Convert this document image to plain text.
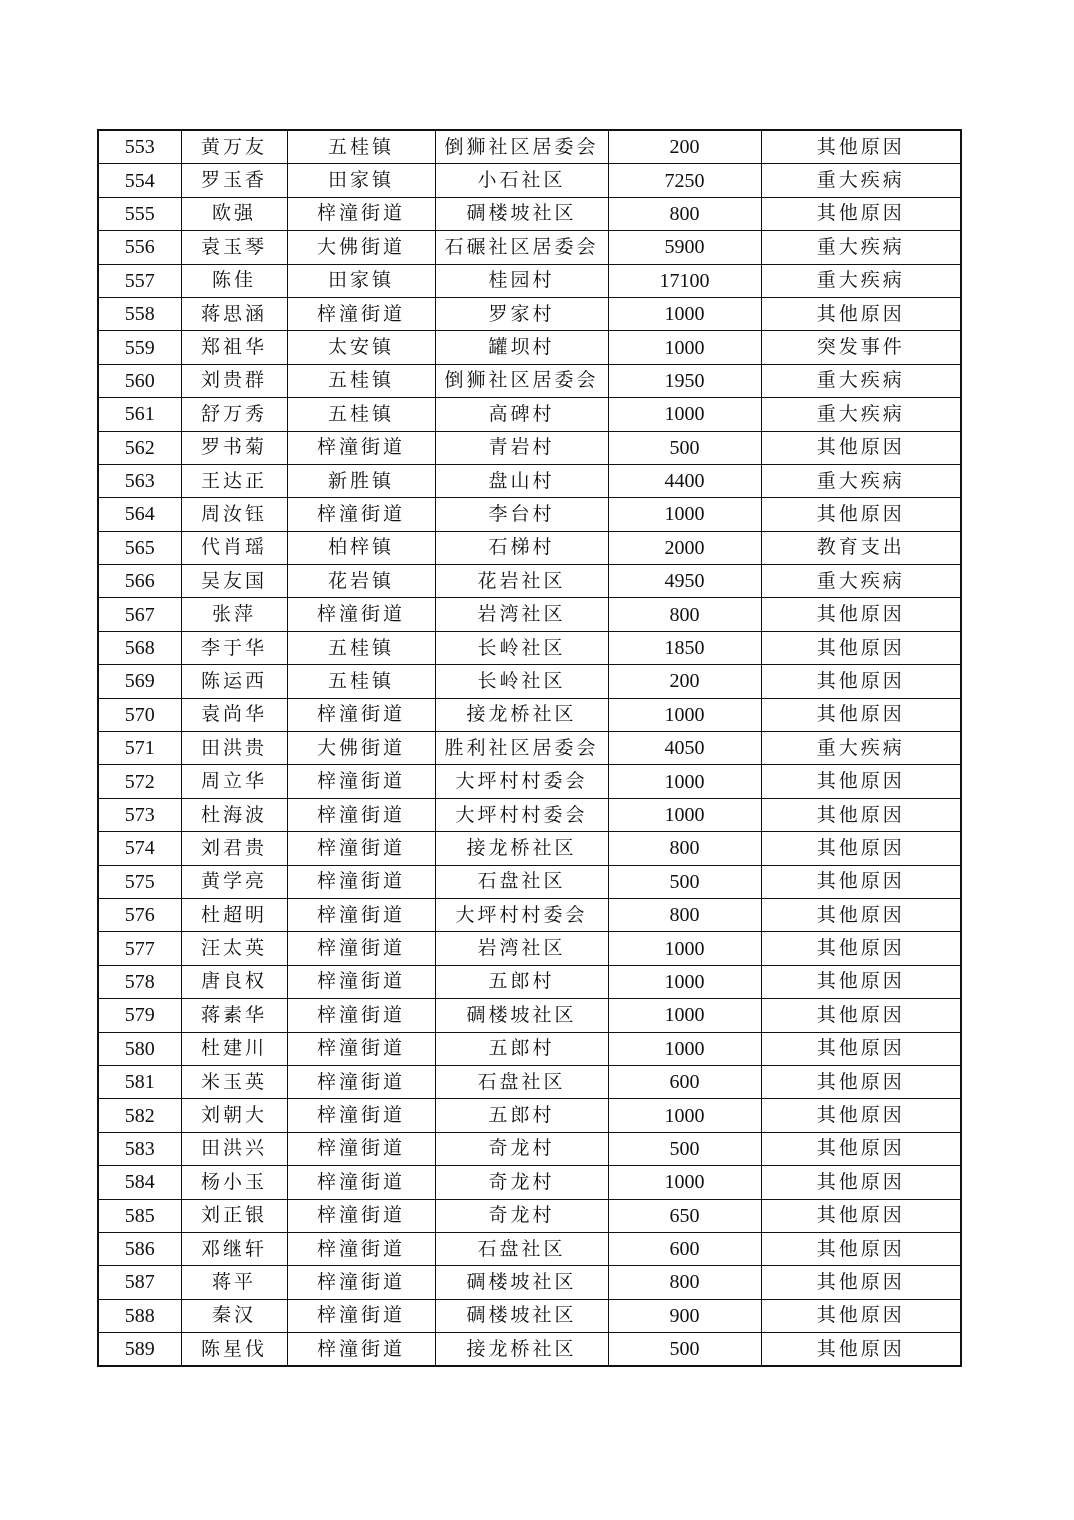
553	黄万友	五桂镇	倒狮社区居委会	200	其他原因
554	罗玉香	田家镇	小石社区	7250	重大疾病
555	欧强	梓潼街道	碉楼坡社区	800	其他原因
556	袁玉琴	大佛街道	石碾社区居委会	5900	重大疾病
557	陈佳	田家镇	桂园村	17100	重大疾病
558	蒋思涵	梓潼街道	罗家村	1000	其他原因
559	郑祖华	太安镇	罐坝村	1000	突发事件
560	刘贵群	五桂镇	倒狮社区居委会	1950	重大疾病
561	舒万秀	五桂镇	高碑村	1000	重大疾病
562	罗书菊	梓潼街道	青岩村	500	其他原因
563	王达正	新胜镇	盘山村	4400	重大疾病
564	周汝钰	梓潼街道	李台村	1000	其他原因
565	代肖瑶	柏梓镇	石梯村	2000	教育支出
566	吴友国	花岩镇	花岩社区	4950	重大疾病
567	张萍	梓潼街道	岩湾社区	800	其他原因
568	李于华	五桂镇	长岭社区	1850	其他原因
569	陈运西	五桂镇	长岭社区	200	其他原因
570	袁尚华	梓潼街道	接龙桥社区	1000	其他原因
571	田洪贵	大佛街道	胜利社区居委会	4050	重大疾病
572	周立华	梓潼街道	大坪村村委会	1000	其他原因
573	杜海波	梓潼街道	大坪村村委会	1000	其他原因
574	刘君贵	梓潼街道	接龙桥社区	800	其他原因
575	黄学亮	梓潼街道	石盘社区	500	其他原因
576	杜超明	梓潼街道	大坪村村委会	800	其他原因
577	汪太英	梓潼街道	岩湾社区	1000	其他原因
578	唐良权	梓潼街道	五郎村	1000	其他原因
579	蒋素华	梓潼街道	碉楼坡社区	1000	其他原因
580	杜建川	梓潼街道	五郎村	1000	其他原因
581	米玉英	梓潼街道	石盘社区	600	其他原因
582	刘朝大	梓潼街道	五郎村	1000	其他原因
583	田洪兴	梓潼街道	奇龙村	500	其他原因
584	杨小玉	梓潼街道	奇龙村	1000	其他原因
585	刘正银	梓潼街道	奇龙村	650	其他原因
586	邓继轩	梓潼街道	石盘社区	600	其他原因
587	蒋平	梓潼街道	碉楼坡社区	800	其他原因
588	秦汉	梓潼街道	碉楼坡社区	900	其他原因
589	陈星伐	梓潼街道	接龙桥社区	500	其他原因
